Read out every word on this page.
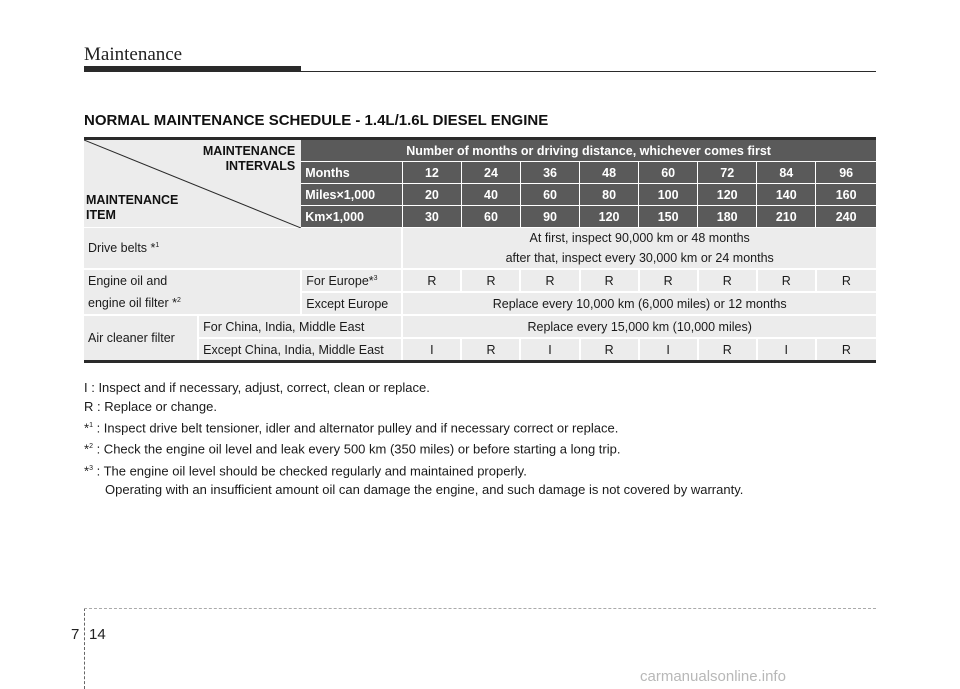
Maintenance
NORMAL MAINTENANCE SCHEDULE - 1.4L/1.6L DIESEL ENGINE
MAINTENANCE
INTERVALS
MAINTENANCE
ITEM		Number of months or driving distance, whichever comes first								
		Months	12	24	36	48	60	72	84	96
		Miles×1,000	20	40	60	80	100	120	140	160
		Km×1,000	30	60	90	120	150	180	210	240
Drive belts *$^1$			At first, inspect 90,000 km or 48 months
after that, inspect every 30,000 km or 24 months							

Engine oil and
engine oil filter *$^2$		For Europe*$^3$	R	R	R	R	R	R	R	R
		Except Europe	Replace every 10,000 km (6,000 miles) or 12 months							
Air cleaner filter	For China, India, Middle East		Replace every 15,000 km (10,000 miles)							
	Except China, India, Middle East		I	R	I	R	I	R	I	R
I : Inspect and if necessary, adjust, correct, clean or replace.
R : Replace or change.
*$^1$ : Inspect drive belt tensioner, idler and alternator pulley and if necessary correct or replace.
*$^2$ : Check the engine oil level and leak every 500 km (350 miles) or before starting a long trip.
*$^3$ : The engine oil level should be checked regularly and maintained properly.
Operating with an insufficient amount oil can damage the engine, and such damage is not covered by warranty.
7 14
carmanualsonline.info
